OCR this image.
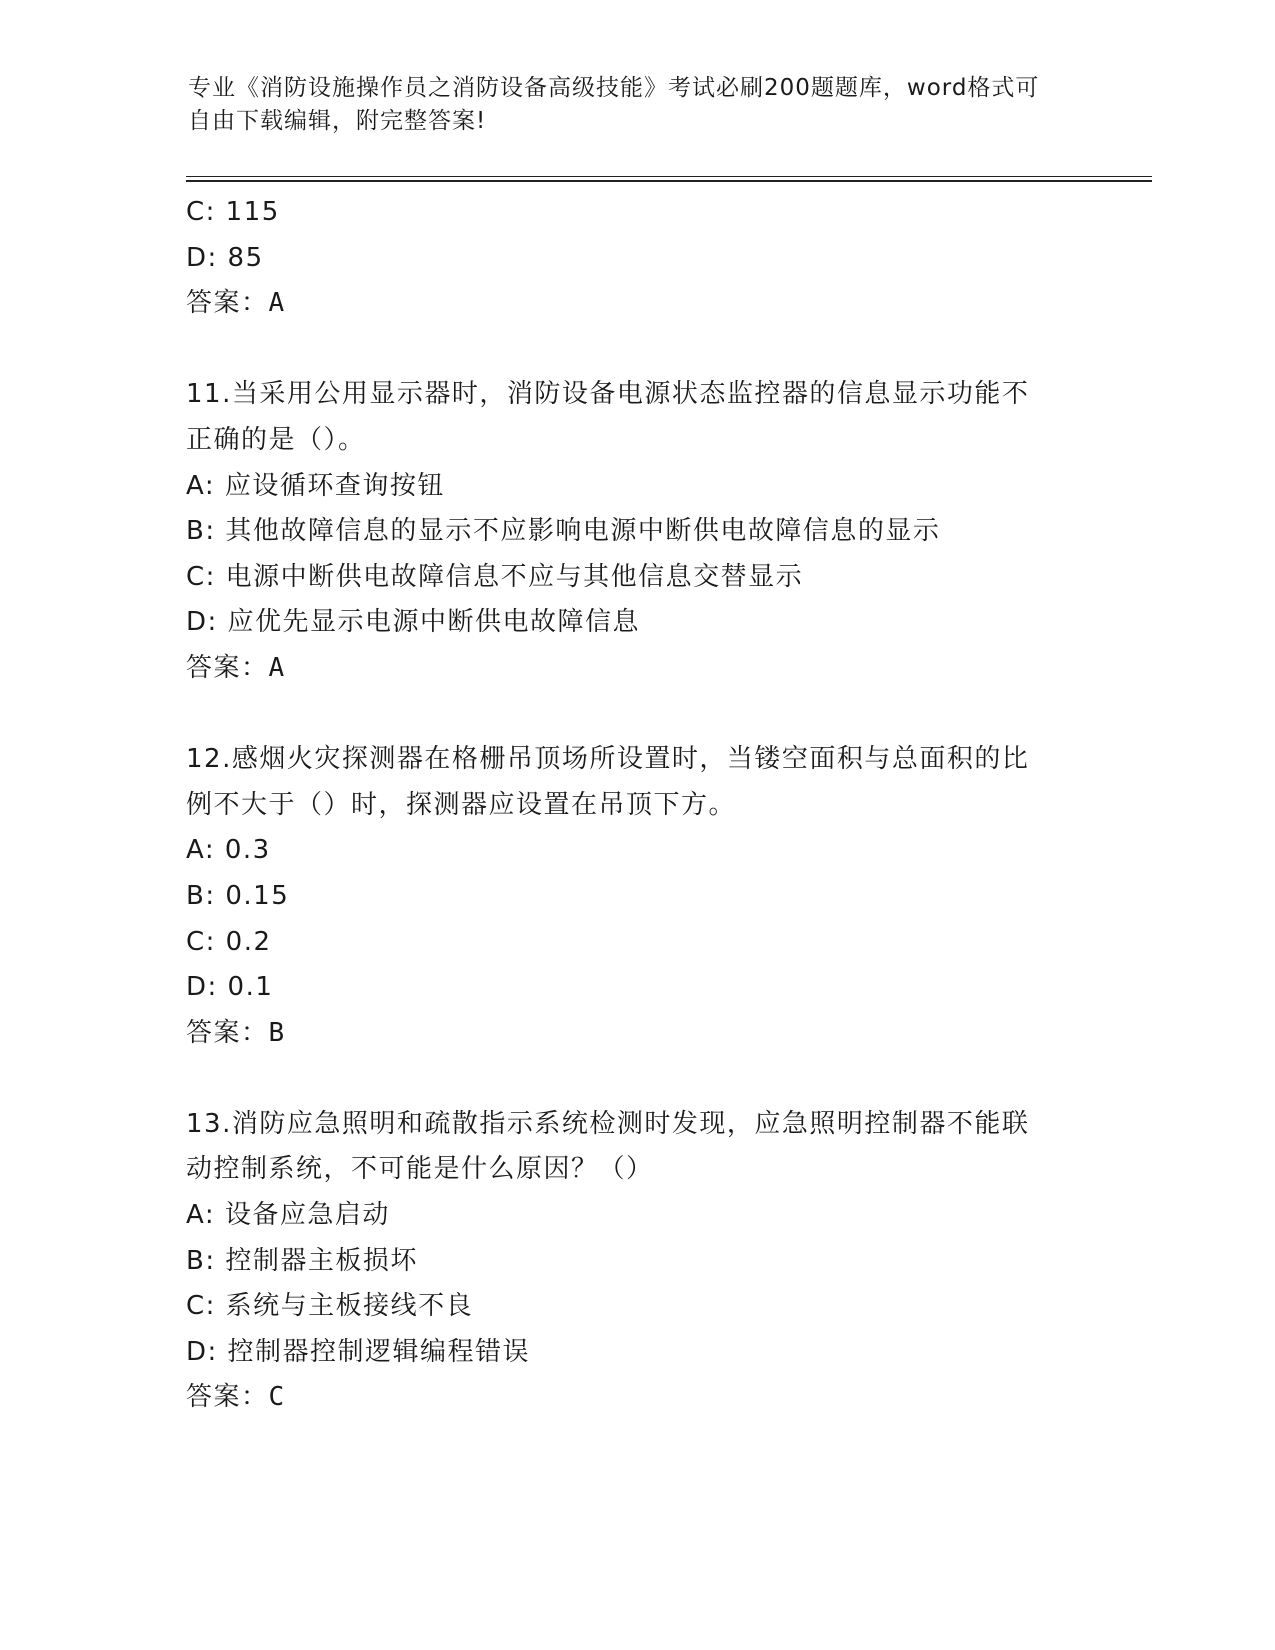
专业《消防设施操作员之消防设备高级技能》考试必刷200题题库，word格式可
自由下载编辑，附完整答案!
C: 115
D: 85
答案：A
11.当采用公用显示器时，消防设备电源状态监控器的信息显示功能不
正确的是（）。
A: 应设循环查询按钮
B: 其他故障信息的显示不应影响电源中断供电故障信息的显示
C: 电源中断供电故障信息不应与其他信息交替显示
D: 应优先显示电源中断供电故障信息
答案：A
12.感烟火灾探测器在格栅吊顶场所设置时，当镂空面积与总面积的比
例不大于（）时，探测器应设置在吊顶下方。
A: 0.3
B: 0.15
C: 0.2
D: 0.1
答案：B
13.消防应急照明和疏散指示系统检测时发现，应急照明控制器不能联
动控制系统，不可能是什么原因？（）
A: 设备应急启动
B: 控制器主板损坏
C: 系统与主板接线不良
D: 控制器控制逻辑编程错误
答案：C
